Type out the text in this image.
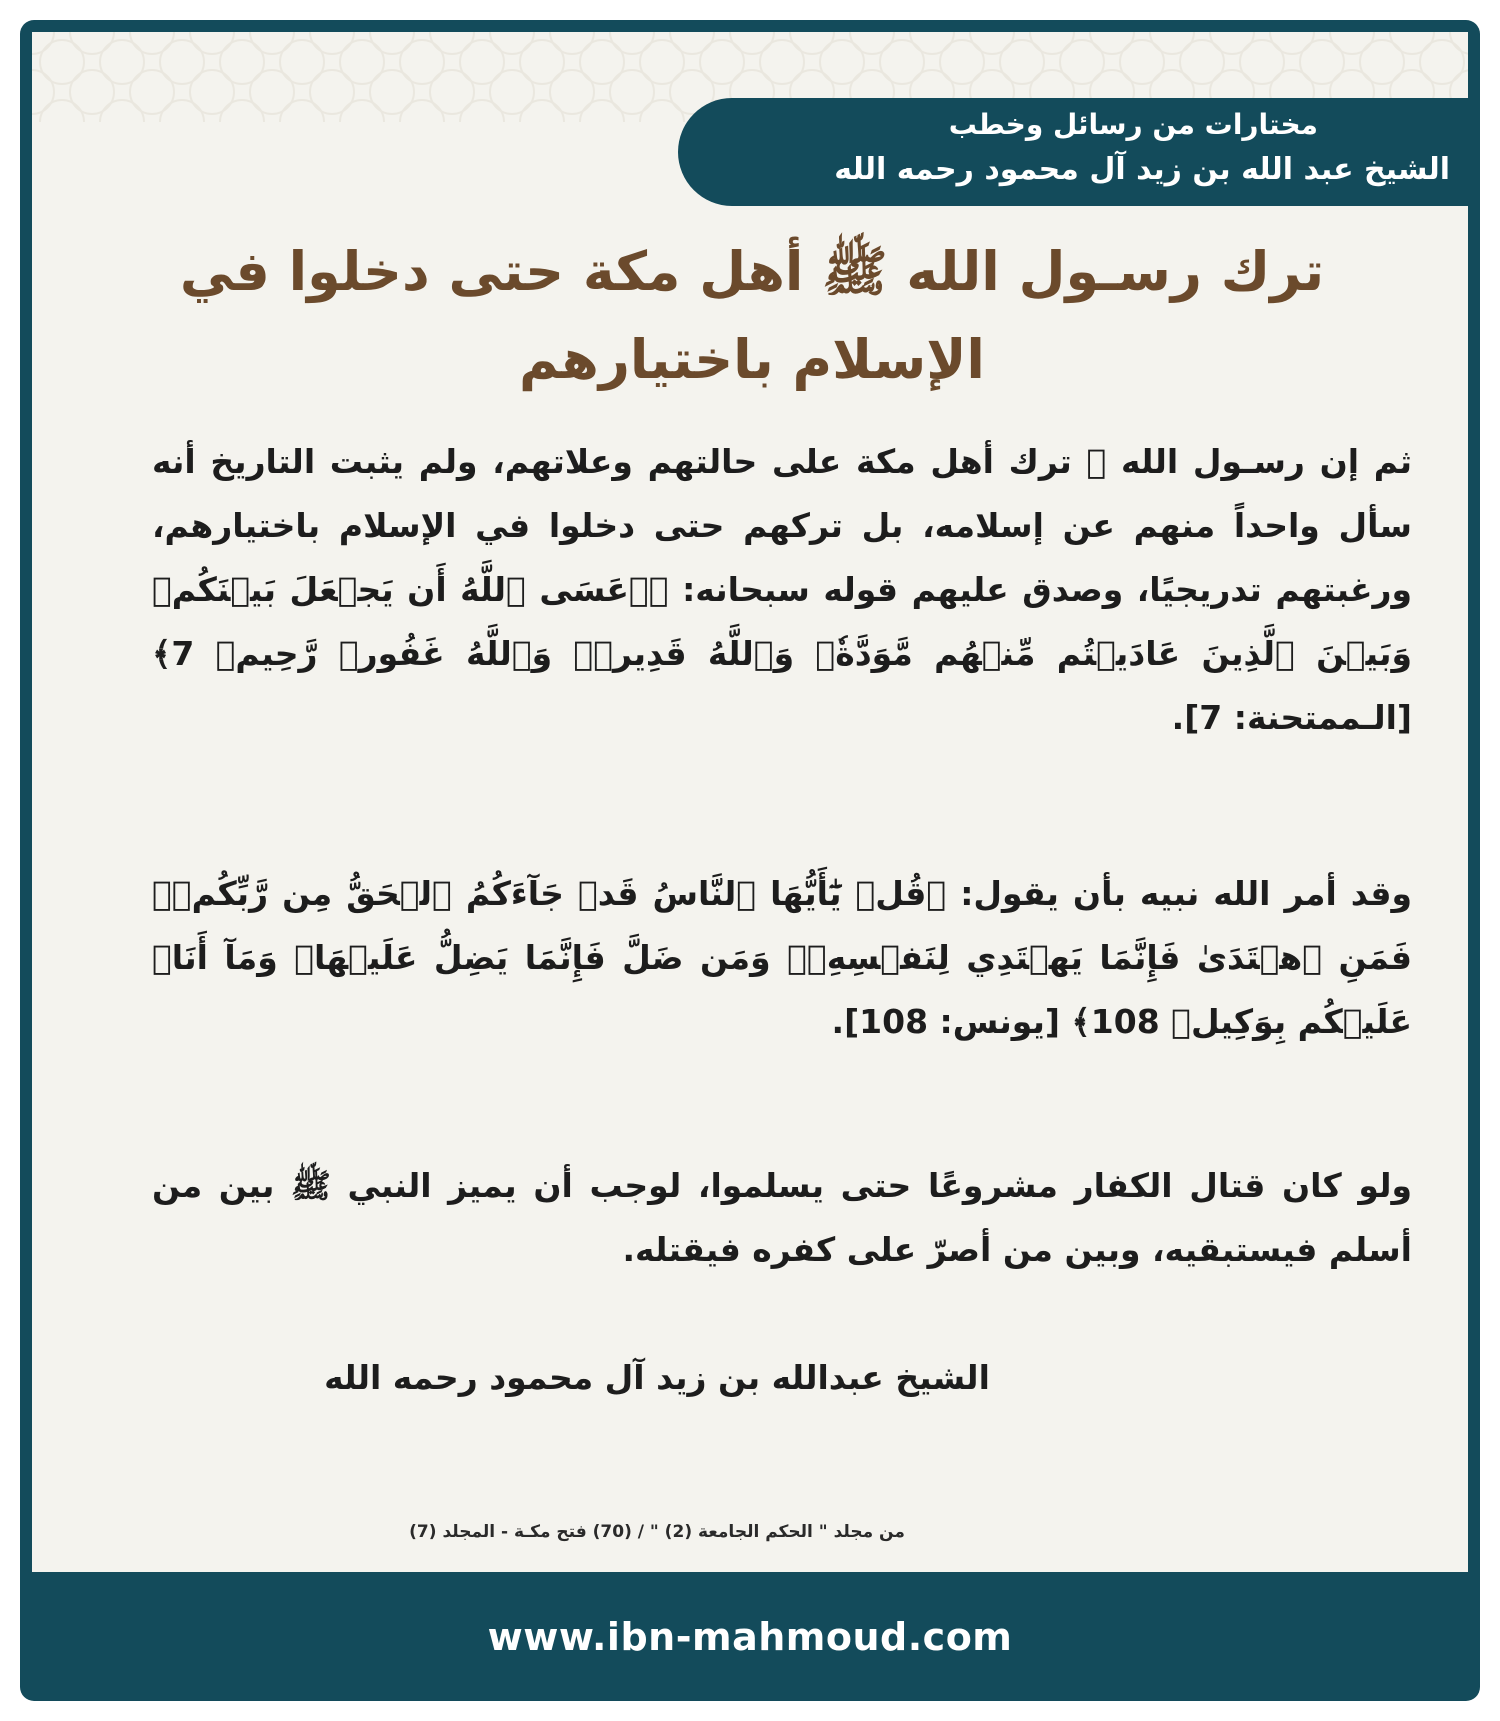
مختارات من رسائل وخطب
الشيخ عبد الله بن زيد آل محمود رحمه الله
ترك رسـول الله ﷺ أهل مكة حتى دخلوا في الإسلام باختيارهم
ثم إن رسـول الله ﷺ ترك أهل مكة على حالتهم وعلاتهم، ولم يثبت التاريخ أنه سأل واحداً منهم عن إسلامه، بل تركهم حتى دخلوا في الإسلام باختيارهم، ورغبتهم تدريجيًا، وصدق عليهم قوله سبحانه: ﴿۞عَسَى ٱللَّهُ أَن يَجۡعَلَ بَيۡنَكُمۡ وَبَيۡنَ ٱلَّذِينَ عَادَيۡتُم مِّنۡهُم مَّوَدَّةٗۚ وَٱللَّهُ قَدِيرٞۚ وَٱللَّهُ غَفُورٞ رَّحِيمٞ 7﴾ [الـممتحنة: 7].
وقد أمر الله نبيه بأن يقول: ﴿قُلۡ يَٰٓأَيُّهَا ٱلنَّاسُ قَدۡ جَآءَكُمُ ٱلۡحَقُّ مِن رَّبِّكُمۡۖ فَمَنِ ٱهۡتَدَىٰ فَإِنَّمَا يَهۡتَدِي لِنَفۡسِهِۦۖ وَمَن ضَلَّ فَإِنَّمَا يَضِلُّ عَلَيۡهَاۖ وَمَآ أَنَا۠ عَلَيۡكُم بِوَكِيلٖ 108﴾ [يونس: 108].
ولو كان قتال الكفار مشروعًا حتى يسلموا، لوجب أن يميز النبي ﷺ بين من أسلم فيستبقيه، وبين من أصرّ على كفره فيقتله.
الشيخ عبدالله بن زيد آل محمود رحمه الله
من مجلد " الحكم الجامعة (2) " / (70) فتح مكـة - المجلد (7)
www.ibn-mahmoud.com
